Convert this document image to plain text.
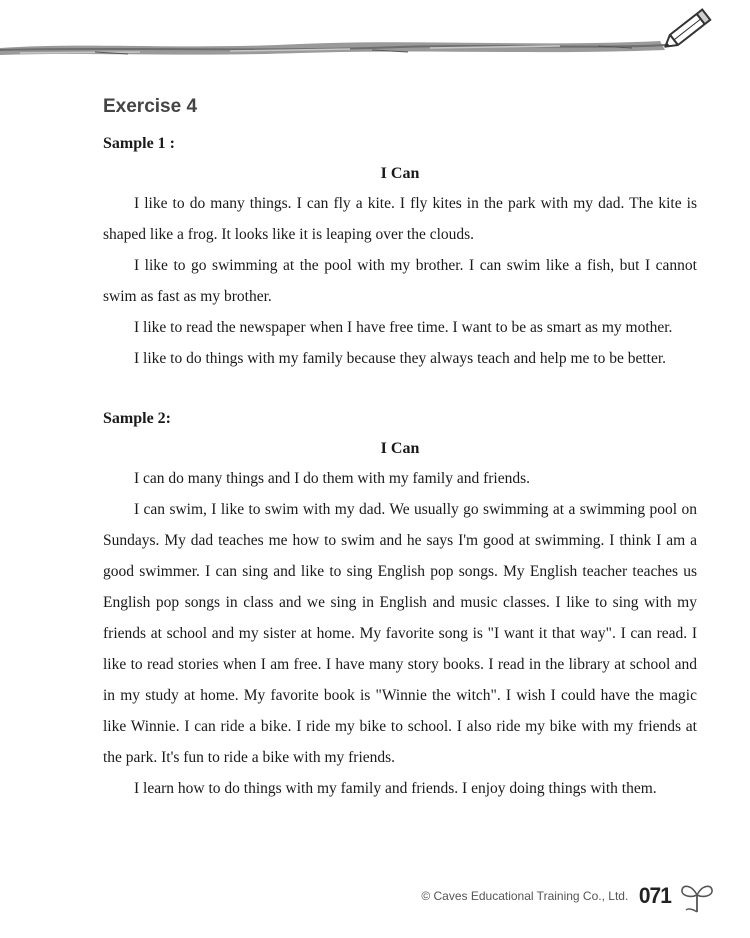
Exercise 4
Sample 1 :
I Can

I like to do many things. I can fly a kite. I fly kites in the park with my dad. The kite is shaped like a frog. It looks like it is leaping over the clouds.

I like to go swimming at the pool with my brother. I can swim like a fish, but I cannot swim as fast as my brother.

I like to read the newspaper when I have free time. I want to be as smart as my mother.

I like to do things with my family because they always teach and help me to be better.

Sample 2:
I Can

I can do many things and I do them with my family and friends.

I can swim, I like to swim with my dad. We usually go swimming at a swimming pool on Sundays. My dad teaches me how to swim and he says I'm good at swimming. I think I am a good swimmer. I can sing and like to sing English pop songs. My English teacher teaches us English pop songs in class and we sing in English and music classes. I like to sing with my friends at school and my sister at home. My favorite song is "I want it that way". I can read. I like to read stories when I am free. I have many story books. I read in the library at school and in my study at home. My favorite book is "Winnie the witch". I wish I could have the magic like Winnie. I can ride a bike. I ride my bike to school. I also ride my bike with my friends at the park. It's fun to ride a bike with my friends.

I learn how to do things with my family and friends. I enjoy doing things with them.

© Caves Educational Training Co., Ltd. 071
